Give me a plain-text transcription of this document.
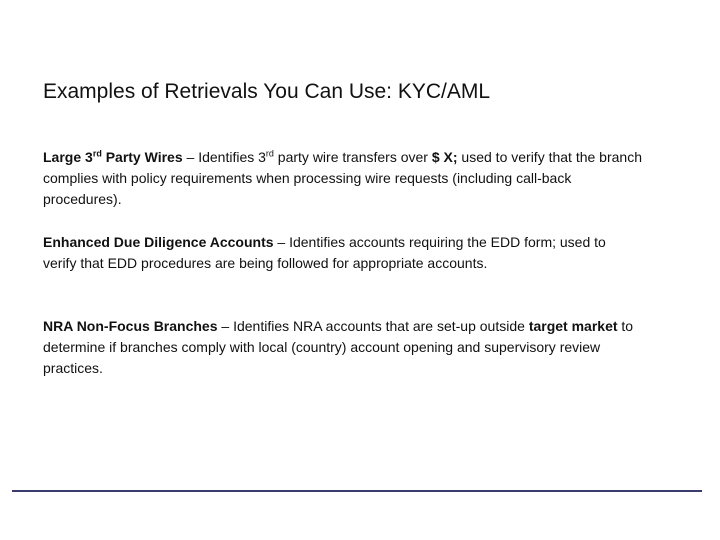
Examples of Retrievals You Can Use: KYC/AML

Large 3rd Party Wires – Identifies 3rd party wire transfers over $ X; used to verify that the branch complies with policy requirements when processing wire requests (including call-back procedures).

Enhanced Due Diligence Accounts – Identifies accounts requiring the EDD form; used to verify that EDD procedures are being followed for appropriate accounts.

NRA Non-Focus Branches – Identifies NRA accounts that are set-up outside target market to determine if branches comply with local (country) account opening and supervisory review practices.
